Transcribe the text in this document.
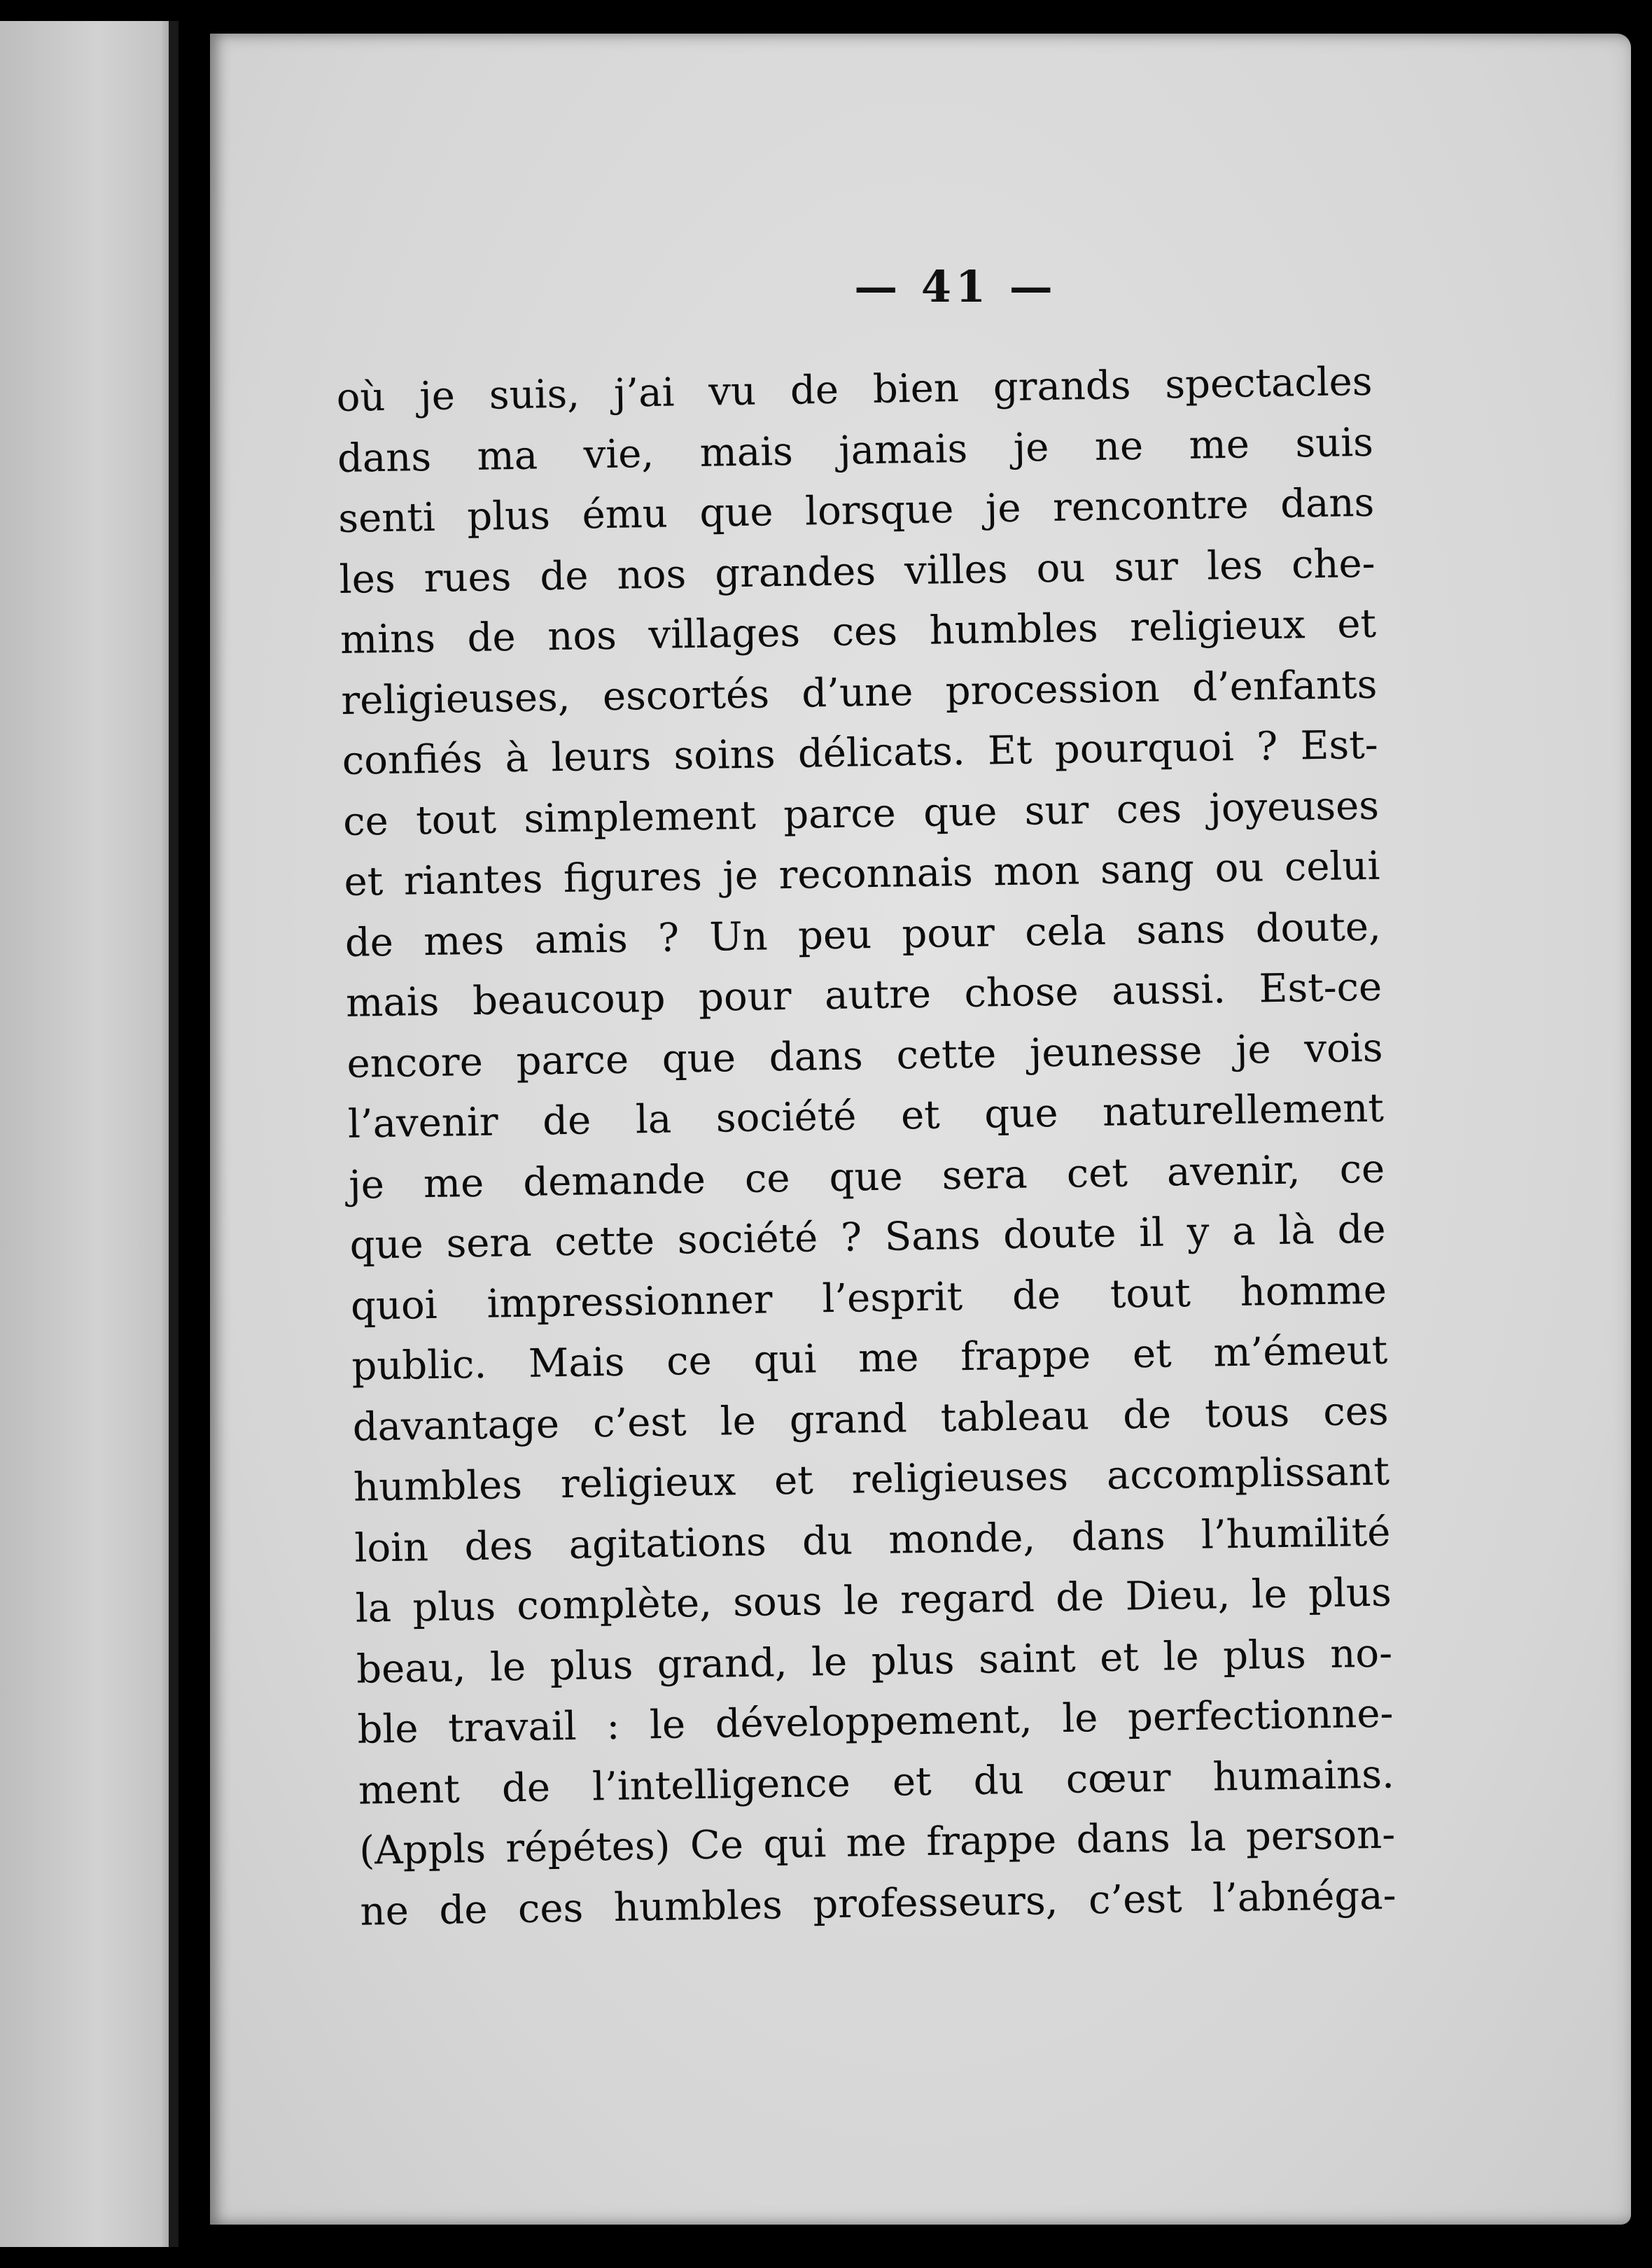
— 41 —
où je suis, j’ai vu de bien grands spectacles
dans ma vie, mais jamais je ne me suis
senti plus ému que lorsque je rencontre dans
les rues de nos grandes villes ou sur les che-
mins de nos villages ces humbles religieux et
religieuses, escortés d’une procession d’enfants
confiés à leurs soins délicats. Et pourquoi ? Est-
ce tout simplement parce que sur ces joyeuses
et riantes figures je reconnais mon sang ou celui
de mes amis ? Un peu pour cela sans doute,
mais beaucoup pour autre chose aussi. Est-ce
encore parce que dans cette jeunesse je vois
l’avenir de la société et que naturellement
je me demande ce que sera cet avenir, ce
que sera cette société ? Sans doute il y a là de
quoi impressionner l’esprit de tout homme
public. Mais ce qui me frappe et m’émeut
davantage c’est le grand tableau de tous ces
humbles religieux et religieuses accomplissant
loin des agitations du monde, dans l’humilité
la plus complète, sous le regard de Dieu, le plus
beau, le plus grand, le plus saint et le plus no-
ble travail : le développement, le perfectionne-
ment de l’intelligence et du cœur humains.
(Appls répétes) Ce qui me frappe dans la person-
ne de ces humbles professeurs, c’est l’abnéga-
